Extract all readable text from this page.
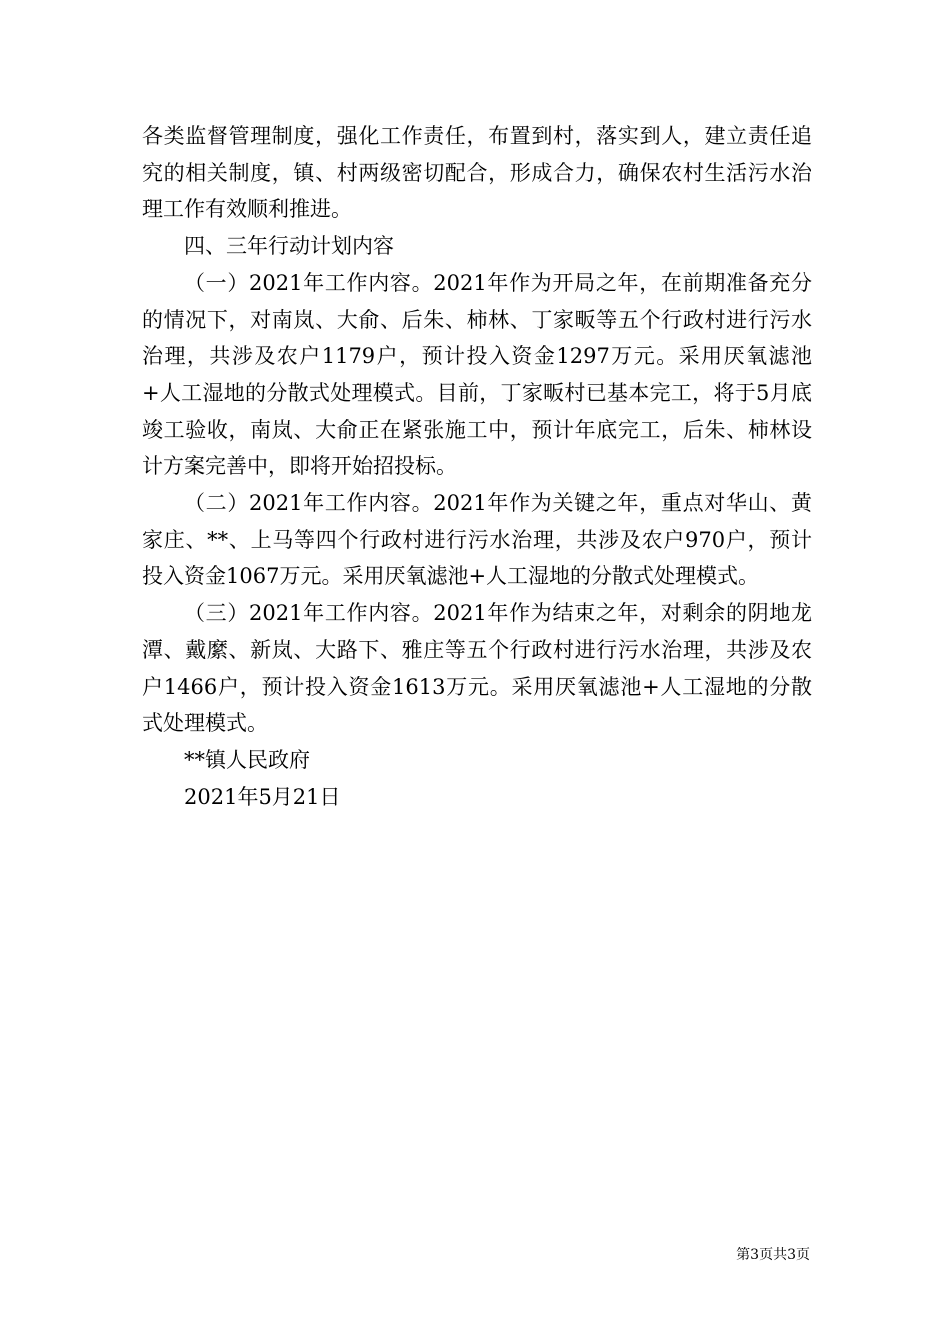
各类监督管理制度，强化工作责任，布置到村，落实到人，建立责任追究的相关制度，镇、村两级密切配合，形成合力，确保农村生活污水治理工作有效顺利推进。

四、三年行动计划内容

（一）2021年工作内容。2021年作为开局之年，在前期准备充分的情况下，对南岚、大俞、后朱、柿林、丁家畈等五个行政村进行污水治理，共涉及农户1179户，预计投入资金1297万元。采用厌氧滤池+人工湿地的分散式处理模式。目前，丁家畈村已基本完工，将于5月底竣工验收，南岚、大俞正在紧张施工中，预计年底完工，后朱、柿林设计方案完善中，即将开始招投标。

（二）2021年工作内容。2021年作为关键之年，重点对华山、黄家庄、**、上马等四个行政村进行污水治理，共涉及农户970户，预计投入资金1067万元。采用厌氧滤池+人工湿地的分散式处理模式。

（三）2021年工作内容。2021年作为结束之年，对剩余的阴地龙潭、戴縻、新岚、大路下、雅庄等五个行政村进行污水治理，共涉及农户1466户，预计投入资金1613万元。采用厌氧滤池+人工湿地的分散式处理模式。

**镇人民政府

2021年5月21日

第3页共3页
